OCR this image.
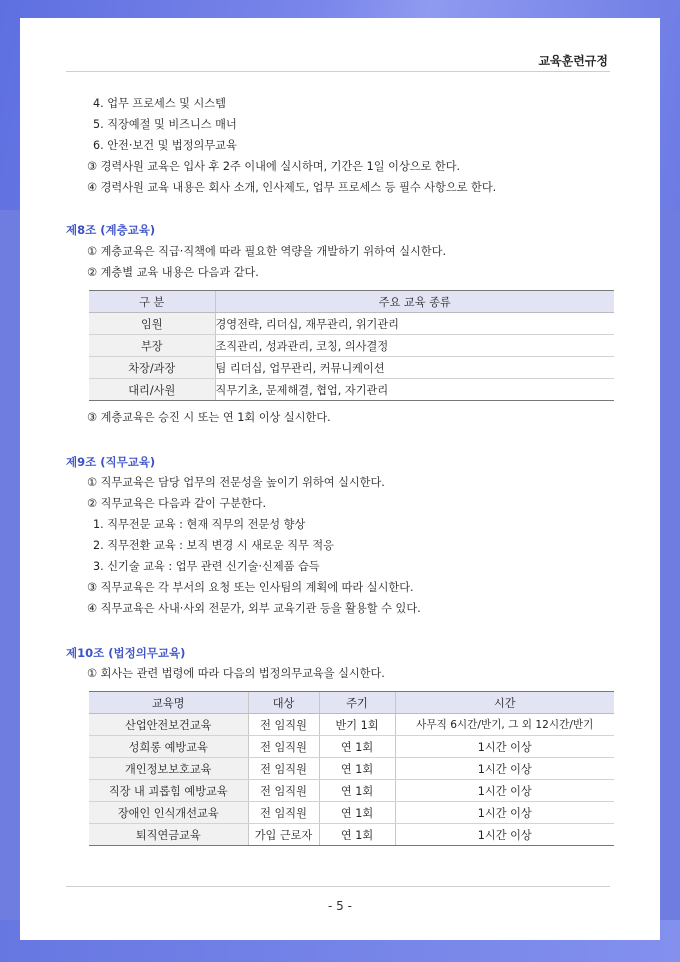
교육훈련규정
4. 업무 프로세스 및 시스템
5. 직장예절 및 비즈니스 매너
6. 안전·보건 및 법정의무교육
③ 경력사원 교육은 입사 후 2주 이내에 실시하며, 기간은 1일 이상으로 한다.
④ 경력사원 교육 내용은 회사 소개, 인사제도, 업무 프로세스 등 필수 사항으로 한다.
제8조 (계층교육)
① 계층교육은 직급·직책에 따라 필요한 역량을 개발하기 위하여 실시한다.
② 계층별 교육 내용은 다음과 같다.
구 분	주요 교육 종류
임원	경영전략, 리더십, 재무관리, 위기관리
부장	조직관리, 성과관리, 코칭, 의사결정
차장/과장	팀 리더십, 업무관리, 커뮤니케이션
대리/사원	직무기초, 문제해결, 협업, 자기관리
③ 계층교육은 승진 시 또는 연 1회 이상 실시한다.
제9조 (직무교육)
① 직무교육은 담당 업무의 전문성을 높이기 위하여 실시한다.
② 직무교육은 다음과 같이 구분한다.
1. 직무전문 교육 : 현재 직무의 전문성 향상
2. 직무전환 교육 : 보직 변경 시 새로운 직무 적응
3. 신기술 교육 : 업무 관련 신기술·신제품 습득
③ 직무교육은 각 부서의 요청 또는 인사팀의 계획에 따라 실시한다.
④ 직무교육은 사내·사외 전문가, 외부 교육기관 등을 활용할 수 있다.
제10조 (법정의무교육)
① 회사는 관련 법령에 따라 다음의 법정의무교육을 실시한다.
교육명	대상	주기	시간
산업안전보건교육	전 임직원	반기 1회	사무직 6시간/반기, 그 외 12시간/반기
성희롱 예방교육	전 임직원	연 1회	1시간 이상
개인정보보호교육	전 임직원	연 1회	1시간 이상
직장 내 괴롭힘 예방교육	전 임직원	연 1회	1시간 이상
장애인 인식개선교육	전 임직원	연 1회	1시간 이상
퇴직연금교육	가입 근로자	연 1회	1시간 이상
- 5 -
